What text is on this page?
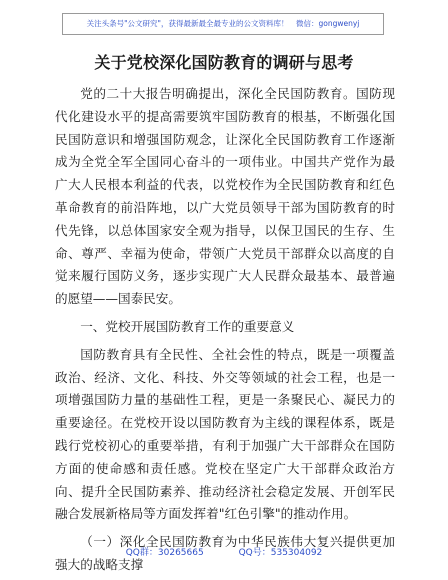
关注头条号"公文研究"，获得最新最全最专业的公文资料库！　微信：gongwenyj
关于党校深化国防教育的调研与思考

党的二十大报告明确提出，深化全民国防教育。国防现代化建设水平的提高需要筑牢国防教育的根基，不断强化国民国防意识和增强国防观念，让深化全民国防教育工作逐渐成为全党全军全国同心奋斗的一项伟业。中国共产党作为最广大人民根本利益的代表，以党校作为全民国防教育和红色革命教育的前沿阵地，以广大党员领导干部为国防教育的时代先锋，以总体国家安全观为指导，以保卫国民的生存、生命、尊严、幸福为使命，带领广大党员干部群众以高度的自觉来履行国防义务，逐步实现广大人民群众最基本、最普遍的愿望——国泰民安。

一、党校开展国防教育工作的重要意义

国防教育具有全民性、全社会性的特点，既是一项覆盖政治、经济、文化、科技、外交等领域的社会工程，也是一项增强国防力量的基础性工程，更是一条聚民心、凝民力的重要途径。在党校开设以国防教育为主线的课程体系，既是践行党校初心的重要举措，有利于加强广大干部群众在国防方面的使命感和责任感。党校在坚定广大干部群众政治方向、提升全民国防素养、推动经济社会稳定发展、开创军民融合发展新格局等方面发挥着"红色引擎"的推动作用。

（一）深化全民国防教育为中华民族伟大复兴提供更加强大的战略支撑

QQ群：30265665	QQ号：535304092
